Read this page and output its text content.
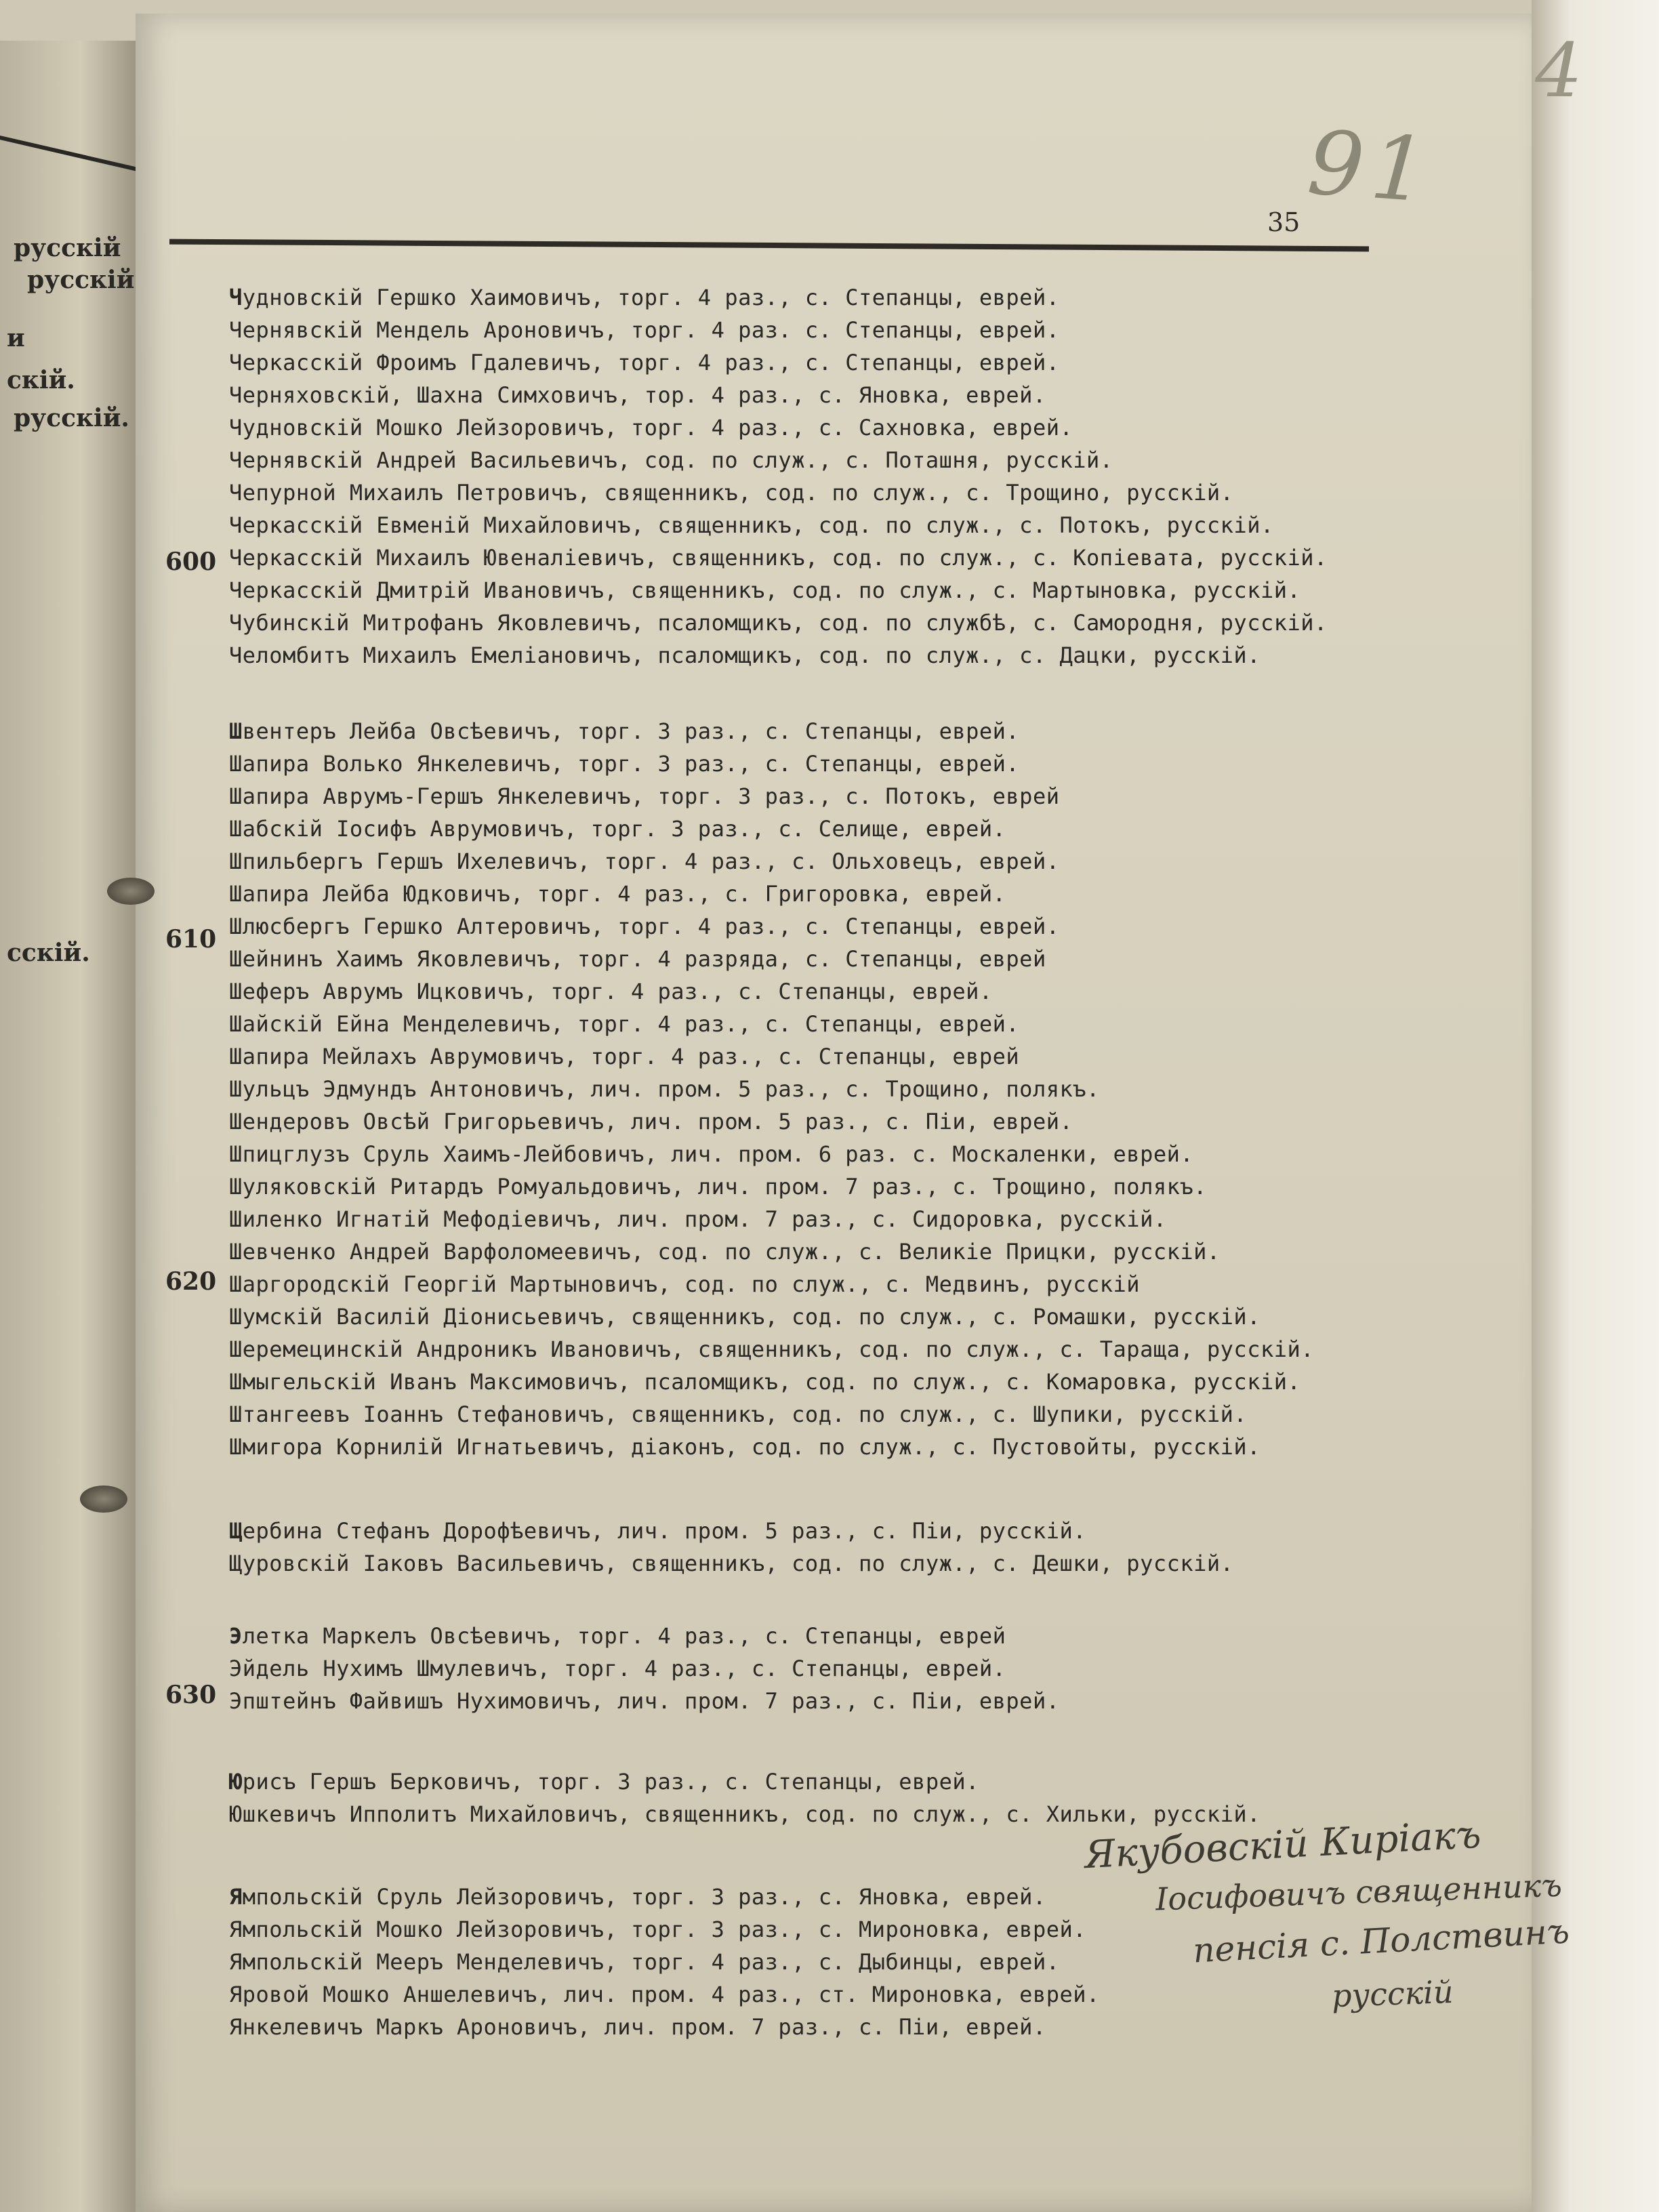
русскій
русскій
и
скій.
русскій.
сскій.
4
91
35
Чудновскій Гершко Хаимовичъ, торг. 4 раз., с. Степанцы, еврей.
Чернявскій Мендель Ароновичъ, торг. 4 раз. с. Степанцы, еврей.
Черкасскій Фроимъ Гдалевичъ, торг. 4 раз., с. Степанцы, еврей.
Черняховскій, Шахна Симховичъ, тор. 4 раз., с. Яновка, еврей.
Чудновскій Мошко Лейзоровичъ, торг. 4 раз., с. Сахновка, еврей.
Чернявскій Андрей Васильевичъ, сод. по служ., с. Поташня, русскій.
Чепурной Михаилъ Петровичъ, священникъ, сод. по служ., с. Трощино, русскій.
Черкасскій Евменій Михайловичъ, священникъ, сод. по служ., с. Потокъ, русскій.
Черкасскій Михаилъ Ювеналіевичъ, священникъ, сод. по служ., с. Копіевата, русскій.
Черкасскій Дмитрій Ивановичъ, священникъ, сод. по служ., с. Мартыновка, русскій.
Чубинскій Митрофанъ Яковлевичъ, псаломщикъ, сод. по службѣ, с. Самородня, русскій.
Челомбитъ Михаилъ Емеліановичъ, псаломщикъ, сод. по служ., с. Дацки, русскій.
Швентеръ Лейба Овсѣевичъ, торг. 3 раз., с. Степанцы, еврей.
Шапира Волько Янкелевичъ, торг. 3 раз., с. Степанцы, еврей.
Шапира Аврумъ-Гершъ Янкелевичъ, торг. 3 раз., с. Потокъ, еврей
Шабскій Іосифъ Аврумовичъ, торг. 3 раз., с. Селище, еврей.
Шпильбергъ Гершъ Ихелевичъ, торг. 4 раз., с. Ольховецъ, еврей.
Шапира Лейба Юдковичъ, торг. 4 раз., с. Григоровка, еврей.
Шлюсбергъ Гершко Алтеровичъ, торг. 4 раз., с. Степанцы, еврей.
Шейнинъ Хаимъ Яковлевичъ, торг. 4 разряда, с. Степанцы, еврей
Шеферъ Аврумъ Ицковичъ, торг. 4 раз., с. Степанцы, еврей.
Шайскій Ейна Менделевичъ, торг. 4 раз., с. Степанцы, еврей.
Шапира Мейлахъ Аврумовичъ, торг. 4 раз., с. Степанцы, еврей
Шульцъ Эдмундъ Антоновичъ, лич. пром. 5 раз., с. Трощино, полякъ.
Шендеровъ Овсѣй Григорьевичъ, лич. пром. 5 раз., с. Піи, еврей.
Шпицглузъ Сруль Хаимъ-Лейбовичъ, лич. пром. 6 раз. с. Москаленки, еврей.
Шуляковскій Ритардъ Ромуальдовичъ, лич. пром. 7 раз., с. Трощино, полякъ.
Шиленко Игнатій Мефодіевичъ, лич. пром. 7 раз., с. Сидоровка, русскій.
Шевченко Андрей Варфоломеевичъ, сод. по служ., с. Великіе Прицки, русскій.
Шаргородскій Георгій Мартыновичъ, сод. по служ., с. Медвинъ, русскій
Шумскій Василій Діонисьевичъ, священникъ, сод. по служ., с. Ромашки, русскій.
Шеремецинскій Андроникъ Ивановичъ, священникъ, сод. по служ., с. Таращa, русскій.
Шмыгельскій Иванъ Максимовичъ, псаломщикъ, сод. по служ., с. Комаровка, русскій.
Штангеевъ Іоаннъ Стефановичъ, священникъ, сод. по служ., с. Шупики, русскій.
Шмигора Корнилій Игнатьевичъ, діаконъ, сод. по служ., с. Пустовойты, русскій.
Щербина Стефанъ Дорофѣевичъ, лич. пром. 5 раз., с. Піи, русскій.
Щуровскій Іаковъ Васильевичъ, священникъ, сод. по служ., с. Дешки, русскій.
Элетка Маркелъ Овсѣевичъ, торг. 4 раз., с. Степанцы, еврей
Эйдель Нухимъ Шмулевичъ, торг. 4 раз., с. Степанцы, еврей.
Эпштейнъ Файвишъ Нухимовичъ, лич. пром. 7 раз., с. Піи, еврей.
Юрисъ Гершъ Берковичъ, торг. 3 раз., с. Степанцы, еврей.
Юшкевичъ Ипполитъ Михайловичъ, священникъ, сод. по служ., с. Хильки, русскій.
Ямпольскій Сруль Лейзоровичъ, торг. 3 раз., с. Яновка, еврей.
Ямпольскій Мошко Лейзоровичъ, торг. 3 раз., с. Мироновка, еврей.
Ямпольскій Мееръ Менделевичъ, торг. 4 раз., с. Дыбинцы, еврей.
Яровой Мошко Аншелевичъ, лич. пром. 4 раз., ст. Мироновка, еврей.
Янкелевичъ Маркъ Ароновичъ, лич. пром. 7 раз., с. Піи, еврей.
600
610
620
630
Якубовскій Кирiакъ
Іосифовичъ священникъ
пенсія с. Полствинъ
русскій
